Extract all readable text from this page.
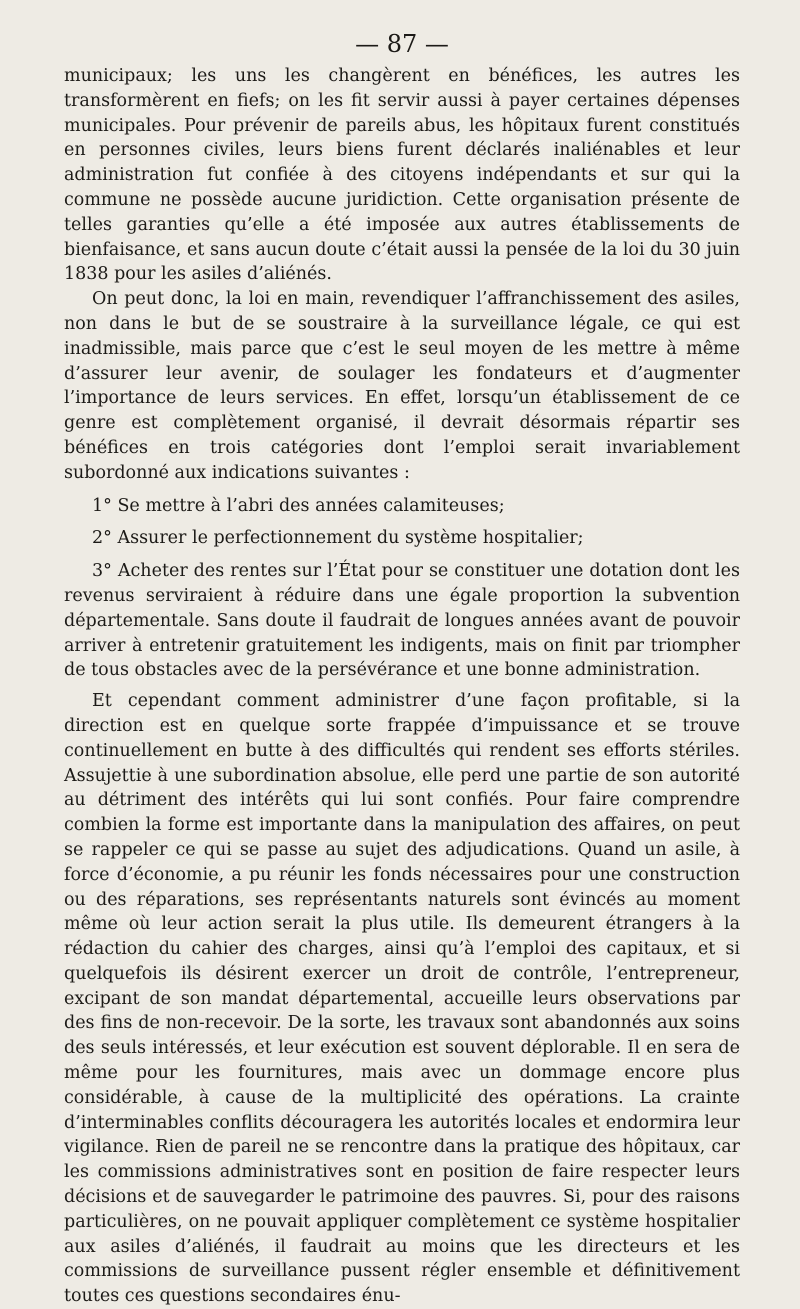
— 87 —

municipaux; les uns les changèrent en bénéfices, les autres les transformèrent en fiefs; on les fit servir aussi à payer certaines dépenses municipales. Pour prévenir de pareils abus, les hôpitaux furent constitués en personnes civiles, leurs biens furent déclarés inaliénables et leur administration fut confiée à des citoyens indépendants et sur qui la commune ne possède aucune juridiction. Cette organisation présente de telles garanties qu’elle a été imposée aux autres établissements de bienfaisance, et sans aucun doute c’était aussi la pensée de la loi du 30 juin 1838 pour les asiles d’aliénés.

On peut donc, la loi en main, revendiquer l’affranchissement des asiles, non dans le but de se soustraire à la surveillance légale, ce qui est inadmissible, mais parce que c’est le seul moyen de les mettre à même d’assurer leur avenir, de soulager les fondateurs et d’augmenter l’importance de leurs services. En effet, lorsqu’un établissement de ce genre est complètement organisé, il devrait désormais répartir ses bénéfices en trois catégories dont l’emploi serait invariablement subordonné aux indications suivantes :

1° Se mettre à l’abri des années calamiteuses;

2° Assurer le perfectionnement du système hospitalier;

3° Acheter des rentes sur l’État pour se constituer une dotation dont les revenus serviraient à réduire dans une égale proportion la subvention départementale. Sans doute il faudrait de longues années avant de pouvoir arriver à entretenir gratuitement les indigents, mais on finit par triompher de tous obstacles avec de la persévérance et une bonne administration.

Et cependant comment administrer d’une façon profitable, si la direction est en quelque sorte frappée d’impuissance et se trouve continuellement en butte à des difficultés qui rendent ses efforts stériles. Assujettie à une subordination absolue, elle perd une partie de son autorité au détriment des intérêts qui lui sont confiés. Pour faire comprendre combien la forme est importante dans la manipulation des affaires, on peut se rappeler ce qui se passe au sujet des adjudications. Quand un asile, à force d’économie, a pu réunir les fonds nécessaires pour une construction ou des réparations, ses représentants naturels sont évincés au moment même où leur action serait la plus utile. Ils demeurent étrangers à la rédaction du cahier des charges, ainsi qu’à l’emploi des capitaux, et si quelquefois ils désirent exercer un droit de contrôle, l’entrepreneur, excipant de son mandat départemental, accueille leurs observations par des fins de non-recevoir. De la sorte, les travaux sont abandonnés aux soins des seuls intéressés, et leur exécution est souvent déplorable. Il en sera de même pour les fournitures, mais avec un dommage encore plus considérable, à cause de la multiplicité des opérations. La crainte d’interminables conflits découragera les autorités locales et endormira leur vigilance. Rien de pareil ne se rencontre dans la pratique des hôpitaux, car les commissions administratives sont en position de faire respecter leurs décisions et de sauvegarder le patrimoine des pauvres. Si, pour des raisons particulières, on ne pouvait appliquer complètement ce système hospitalier aux asiles d’aliénés, il faudrait au moins que les directeurs et les commissions de surveillance pussent régler ensemble et définitivement toutes ces questions secondaires énu-
